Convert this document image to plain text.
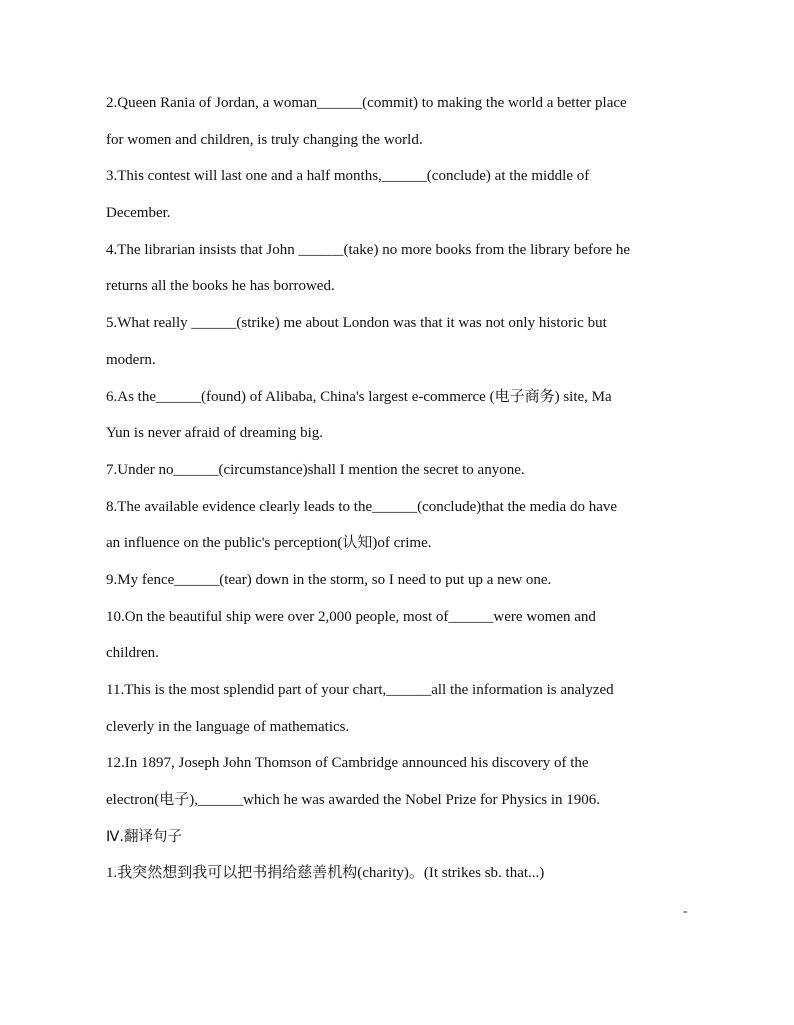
2.Queen Rania of Jordan, a woman______(commit) to making the world a better place
for women and children, is truly changing the world.
3.This contest will last one and a half months,______(conclude) at the middle of
December.
4.The librarian insists that John ______(take) no more books from the library before he
returns all the books he has borrowed.
5.What really ______(strike) me about London was that it was not only historic but
modern.
6.As the______(found) of Alibaba, China's largest e-commerce (电子商务) site, Ma
Yun is never afraid of dreaming big.
7.Under no______(circumstance)shall I mention the secret to anyone.
8.The available evidence clearly leads to the______(conclude)that the media do have
an influence on the public's perception(认知)of crime.
9.My fence______(tear) down in the storm, so I need to put up a new one.
10.On the beautiful ship were over 2,000 people, most of______were women and
children.
11.This is the most splendid part of your chart,______all the information is analyzed
cleverly in the language of mathematics.
12.In 1897, Joseph John Thomson of Cambridge announced his discovery of the
electron(电子),______which he was awarded the Nobel Prize for Physics in 1906.
Ⅳ.翻译句子
1.我突然想到我可以把书捐给慈善机构(charity)。(It strikes sb. that...)
-
